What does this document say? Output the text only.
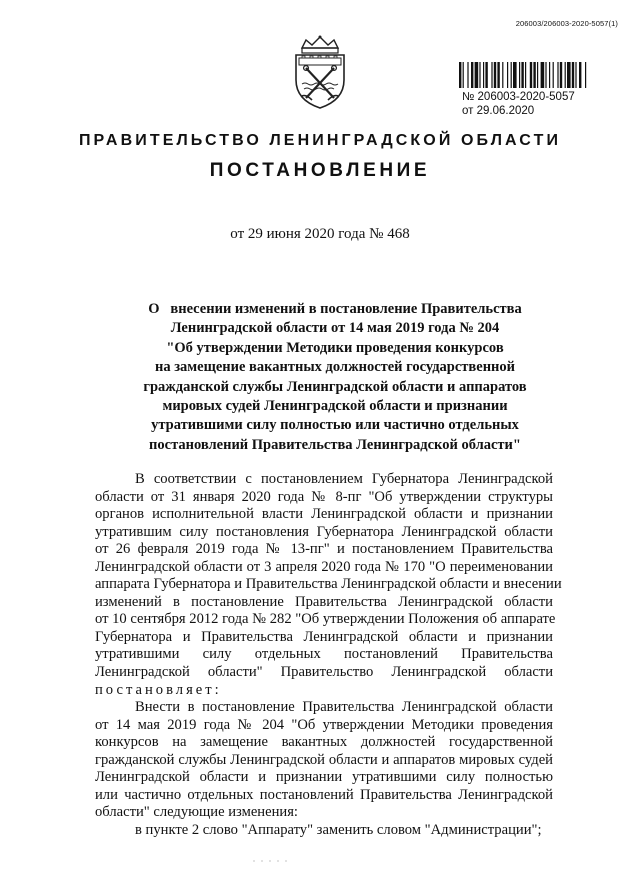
206003/206003-2020-5057(1)
№ 206003-2020-5057
от 29.06.2020
ПРАВИТЕЛЬСТВО ЛЕНИНГРАДСКОЙ ОБЛАСТИ
ПОСТАНОВЛЕНИЕ
от 29 июня 2020 года № 468
О   внесении изменений в постановление Правительства
Ленинградской области от 14 мая 2019 года № 204
"Об утверждении Методики проведения конкурсов
на замещение вакантных должностей государственной
гражданской службы Ленинградской области и аппаратов
мировых судей Ленинградской области и признании
утратившими силу полностью или частично отдельных
постановлений Правительства Ленинградской области"
В соответствии с постановлением Губернатора Ленинградской
области от 31 января 2020 года № 8-пг "Об утверждении структуры
органов исполнительной власти Ленинградской области и признании
утратившим силу постановления Губернатора Ленинградской области
от 26 февраля 2019 года № 13-пг" и постановлением Правительства
Ленинградской области от 3 апреля 2020 года № 170 "О переименовании
аппарата Губернатора и Правительства Ленинградской области и внесении
изменений в постановление Правительства Ленинградской области
от 10 сентября 2012 года № 282 "Об утверждении Положения об аппарате
Губернатора и Правительства Ленинградской области и признании
утратившими силу отдельных постановлений Правительства
Ленинградской области" Правительство Ленинградской области
постановляет:
Внести в постановление Правительства Ленинградской области
от 14 мая 2019 года № 204 "Об утверждении Методики проведения
конкурсов на замещение вакантных должностей государственной
гражданской службы Ленинградской области и аппаратов мировых судей
Ленинградской области и признании утратившими силу полностью
или частично отдельных постановлений Правительства Ленинградской
области" следующие изменения:
в пункте 2 слово "Аппарату" заменить словом "Администрации";
